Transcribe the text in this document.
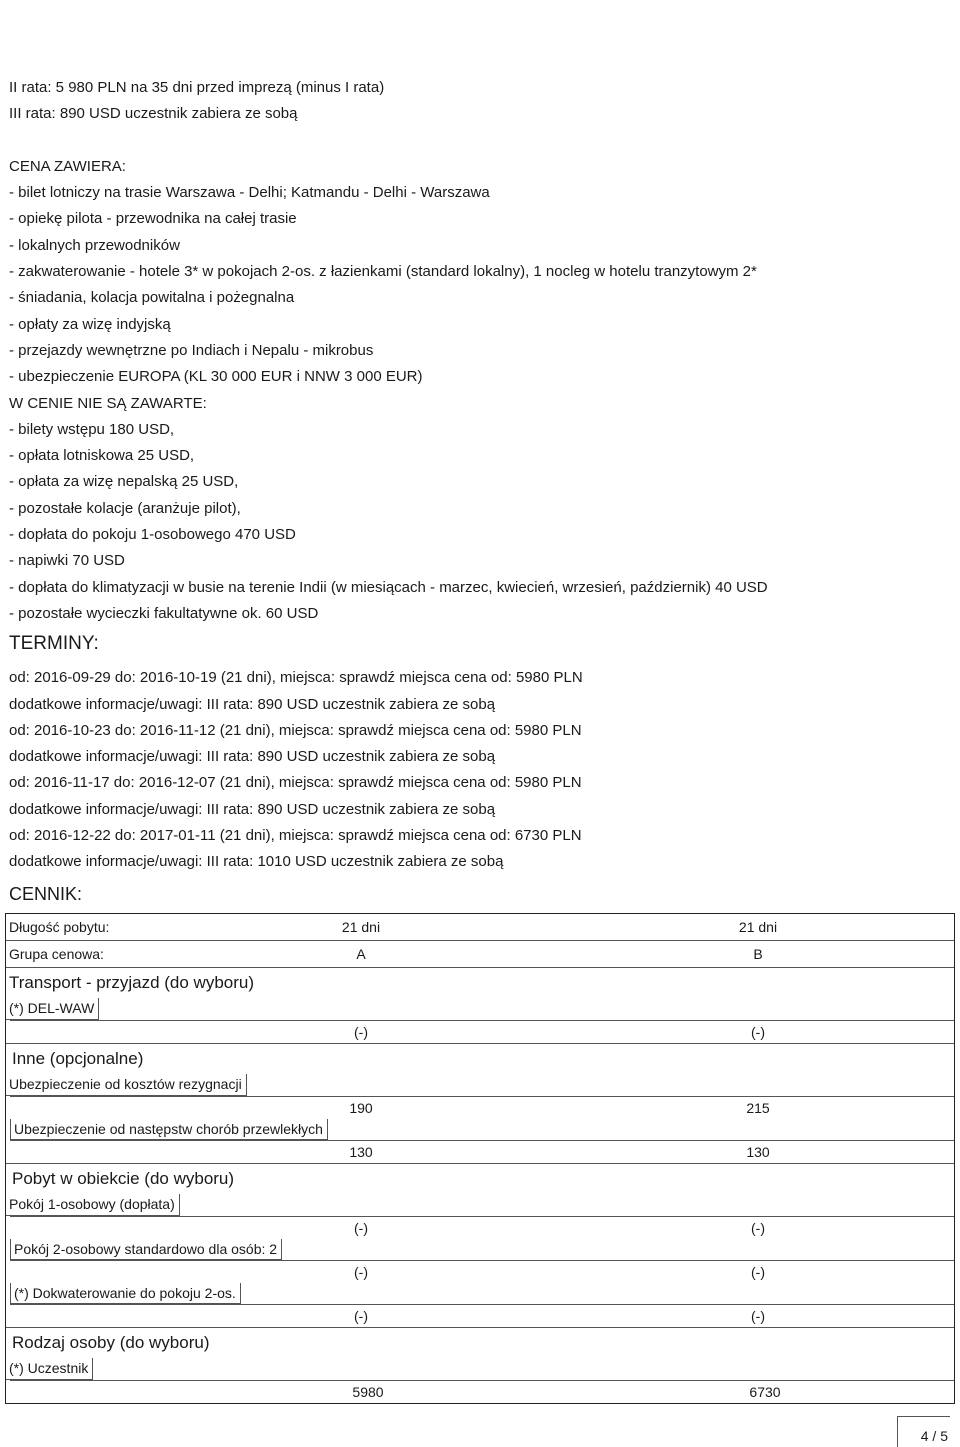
II rata: 5 980 PLN na 35 dni przed imprezą (minus I rata)
III rata: 890 USD uczestnik zabiera ze sobą
CENA ZAWIERA:
- bilet lotniczy na trasie Warszawa - Delhi; Katmandu - Delhi - Warszawa
- opiekę pilota - przewodnika na całej trasie
- lokalnych przewodników
- zakwaterowanie - hotele 3* w pokojach 2-os. z łazienkami (standard lokalny), 1 nocleg w hotelu tranzytowym 2*
- śniadania, kolacja powitalna i pożegnalna
- opłaty za wizę indyjską
- przejazdy wewnętrzne po Indiach i Nepalu - mikrobus
- ubezpieczenie EUROPA (KL 30 000 EUR i NNW 3 000 EUR)
W CENIE NIE SĄ ZAWARTE:
- bilety wstępu 180 USD,
- opłata lotniskowa 25 USD,
- opłata za wizę nepalską 25 USD,
- pozostałe kolacje (aranżuje pilot),
- dopłata do pokoju 1-osobowego 470 USD
- napiwki 70 USD
- dopłata do klimatyzacji w busie na terenie Indii (w miesiącach - marzec, kwiecień, wrzesień, październik) 40 USD
- pozostałe wycieczki fakultatywne ok. 60 USD
TERMINY:
od: 2016-09-29 do: 2016-10-19 (21 dni), miejsca: sprawdź miejsca cena od: 5980 PLN
dodatkowe informacje/uwagi: III rata: 890 USD uczestnik zabiera ze sobą
od: 2016-10-23 do: 2016-11-12 (21 dni), miejsca: sprawdź miejsca cena od: 5980 PLN
dodatkowe informacje/uwagi: III rata: 890 USD uczestnik zabiera ze sobą
od: 2016-11-17 do: 2016-12-07 (21 dni), miejsca: sprawdź miejsca cena od: 5980 PLN
dodatkowe informacje/uwagi: III rata: 890 USD uczestnik zabiera ze sobą
od: 2016-12-22 do: 2017-01-11 (21 dni), miejsca: sprawdź miejsca cena od: 6730 PLN
dodatkowe informacje/uwagi: III rata: 1010 USD uczestnik zabiera ze sobą
CENNIK:
Długość pobytu:	21 dni	21 dni
Grupa cenowa:	A	B
Transport - przyjazd (do wyboru)
(*) DEL-WAW
(-)	(-)
Inne (opcjonalne)
Ubezpieczenie od kosztów rezygnacji
190	215
Ubezpieczenie od następstw chorób przewlekłych
130	130
Pobyt w obiekcie (do wyboru)
Pokój 1-osobowy (dopłata)
(-)	(-)
Pokój 2-osobowy standardowo dla osób: 2
(-)	(-)
(*) Dokwaterowanie do pokoju 2-os.
(-)	(-)
Rodzaj osoby (do wyboru)
(*) Uczestnik
5980	6730
4 / 5
